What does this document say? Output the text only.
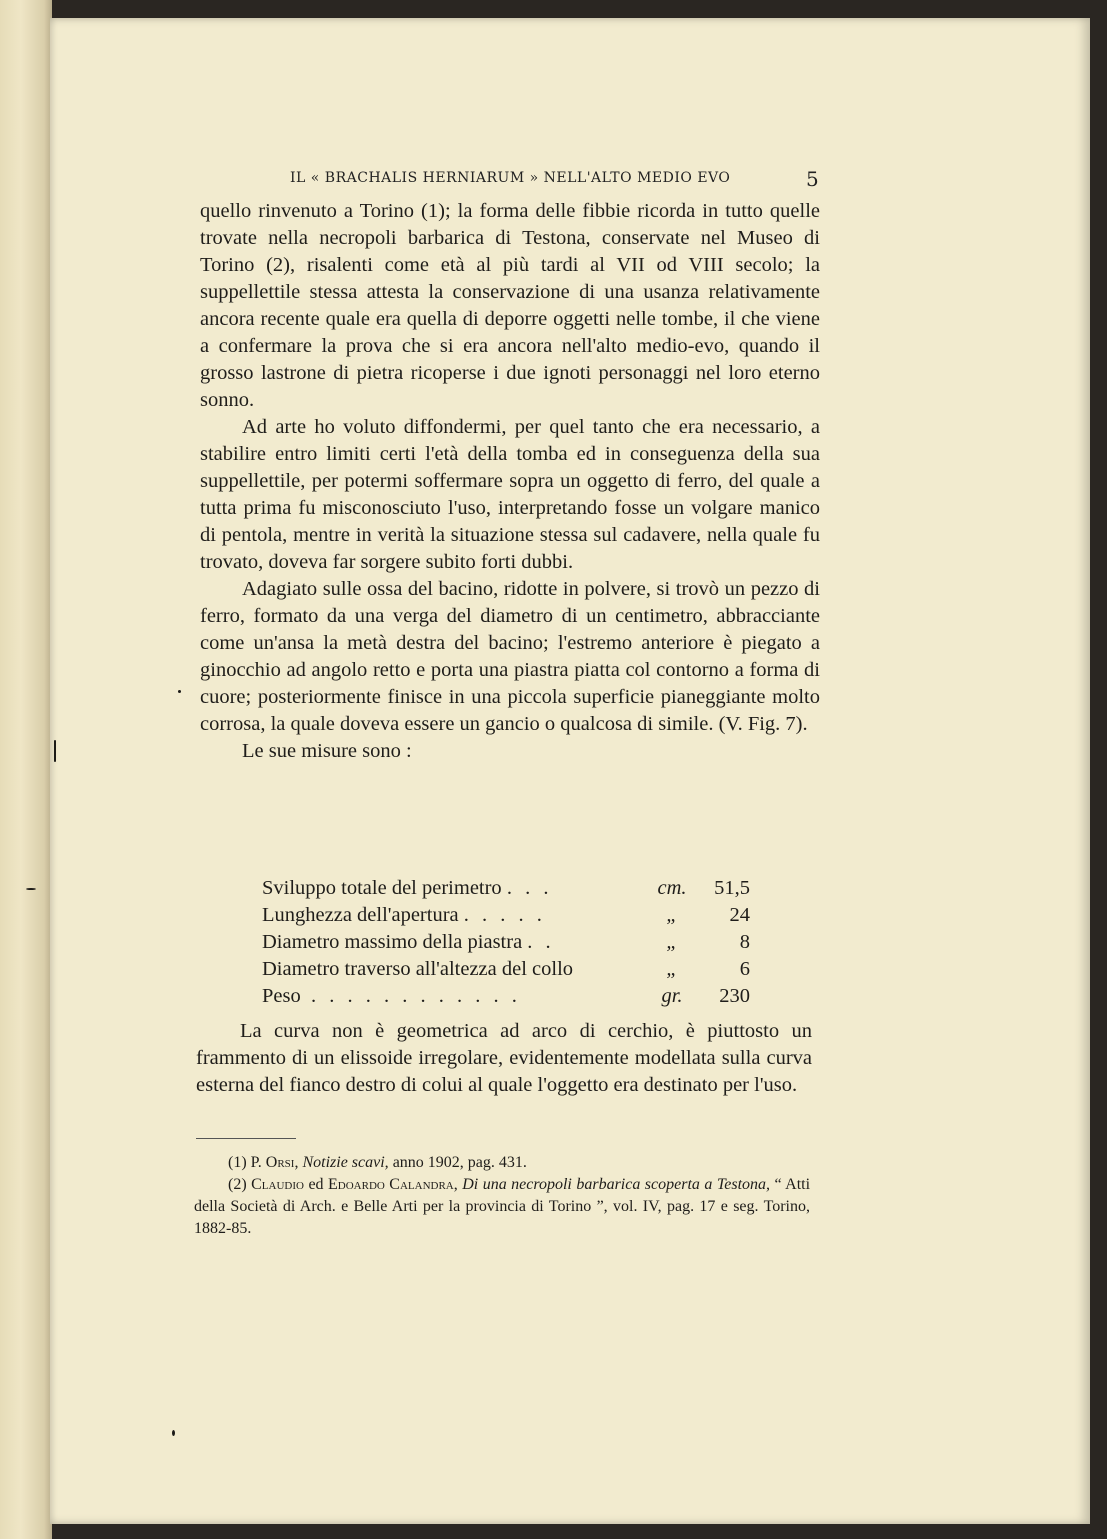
IL « BRACHALIS HERNIARUM » NELL'ALTO MEDIO EVO	5

quello rinvenuto a Torino (1); la forma delle fibbie ricorda in tutto quelle trovate nella necropoli barbarica di Testona, conservate nel Museo di Torino (2), risalenti come età al più tardi al VII od VIII secolo; la suppellettile stessa attesta la conservazione di una usanza relativamente ancora recente quale era quella di deporre oggetti nelle tombe, il che viene a confermare la prova che si era ancora nell'alto medio-evo, quando il grosso lastrone di pietra ricoperse i due ignoti personaggi nel loro eterno sonno.

Ad arte ho voluto diffondermi, per quel tanto che era necessario, a stabilire entro limiti certi l'età della tomba ed in conseguenza della sua suppellettile, per potermi soffermare sopra un oggetto di ferro, del quale a tutta prima fu misconosciuto l'uso, interpretando fosse un volgare manico di pentola, mentre in verità la situazione stessa sul cadavere, nella quale fu trovato, doveva far sorgere subito forti dubbi.

Adagiato sulle ossa del bacino, ridotte in polvere, si trovò un pezzo di ferro, formato da una verga del diametro di un centimetro, abbracciante come un'ansa la metà destra del bacino; l'estremo anteriore è piegato a ginocchio ad angolo retto e porta una piastra piatta col contorno a forma di cuore; posteriormente finisce in una piccola superficie pianeggiante molto corrosa, la quale doveva essere un gancio o qualcosa di simile. (V. Fig. 7).

Le sue misure sono :

Sviluppo totale del perimetro . . .	cm.	51,5
Lunghezza dell'apertura . . . . .	„	24
Diametro massimo della piastra . .	„	8
Diametro traverso all'altezza del collo	„	6
Peso . . . . . . . . . . . .	gr.	230

La curva non è geometrica ad arco di cerchio, è piuttosto un frammento di un elissoide irregolare, evidentemente modellata sulla curva esterna del fianco destro di colui al quale l'oggetto era destinato per l'uso.

(1) P. Orsi, Notizie scavi, anno 1902, pag. 431.

(2) Claudio ed Edoardo Calandra, Di una necropoli barbarica scoperta a Testona, “ Atti della Società di Arch. e Belle Arti per la provincia di Torino ”, vol. IV, pag. 17 e seg. Torino, 1882-85.
